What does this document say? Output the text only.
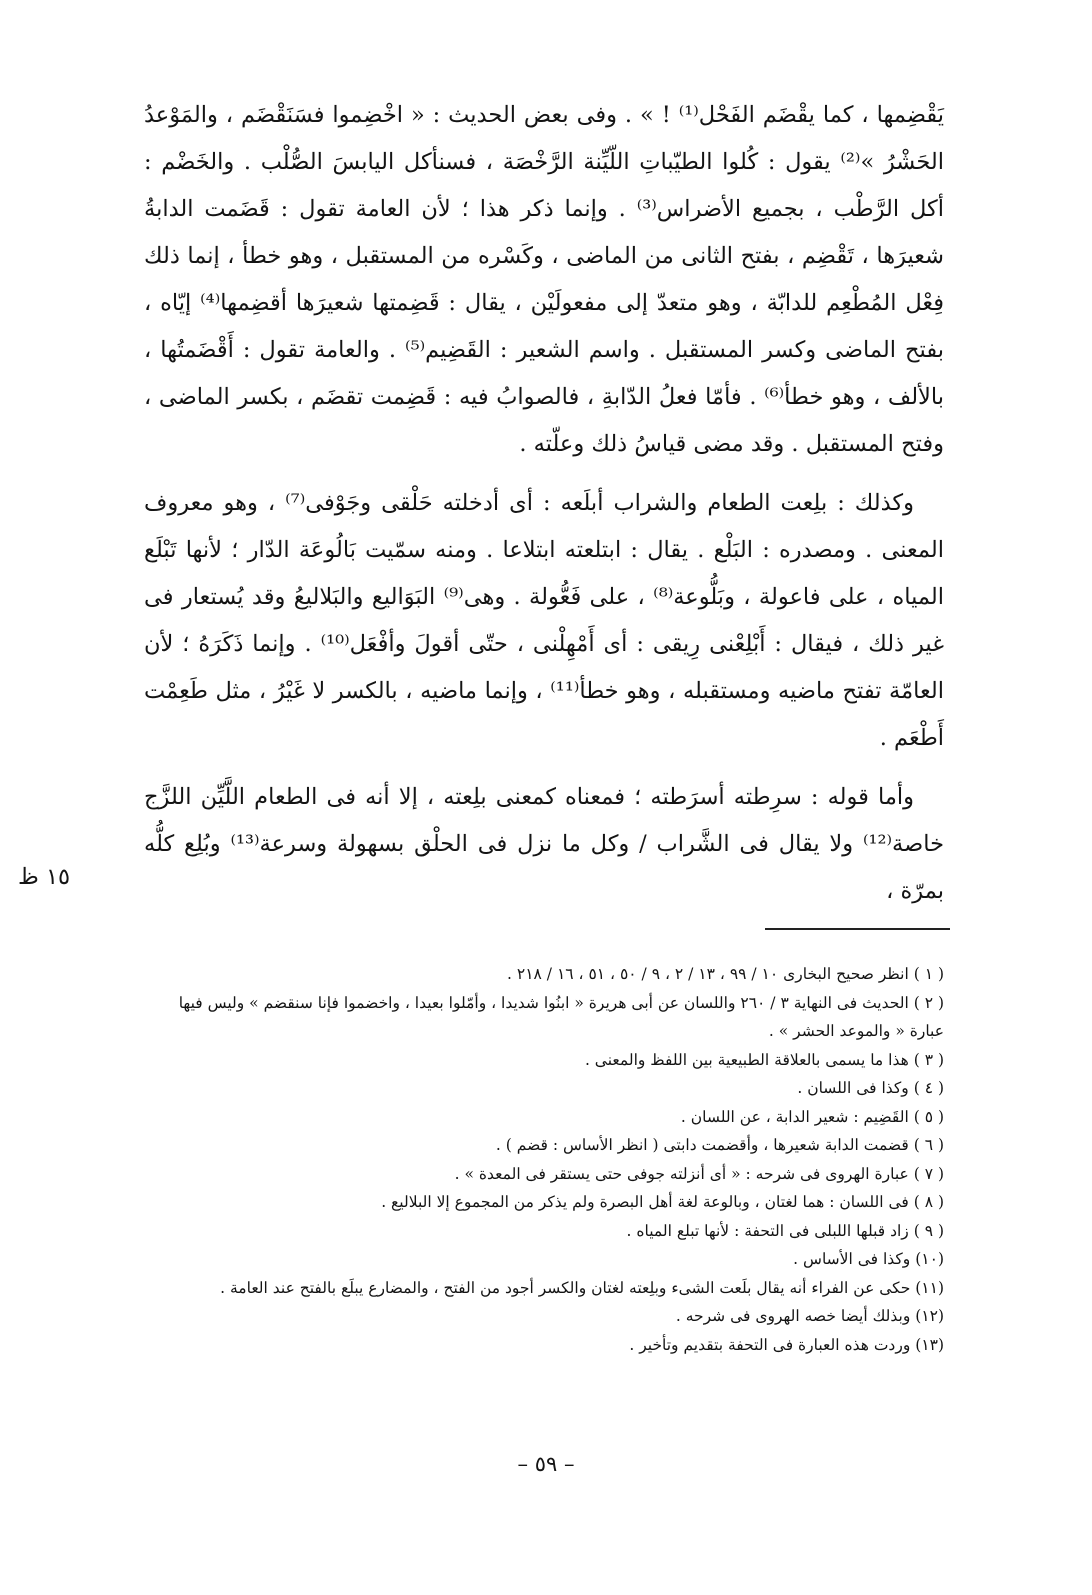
يَقْضِمها ، كما يقْضَم الفَحْل⁽¹⁾ ! » . وفى بعض الحديث : « اخْضِموا فسَنَقْضَم ، والمَوْعدُ الحَشْرُ »⁽²⁾ يقول : كُلوا الطيّباتِ اللّيِّنة الرَّخْصَة ، فسنأكل اليابسَ الصُّلْب . والخَضْم : أكل الرَّطْب ، بجميع الأضراس⁽³⁾ . وإنما ذكر هذا ؛ لأن العامة تقول : قَضَمت الدابةُ شعيرَها ، تَقْضِم ، بفتح الثانى من الماضى ، وكَسْره من المستقبل ، وهو خطأ ، إنما ذلك فِعْل المُطْعِم للدابّة ، وهو متعدّ إلى مفعولَيْن ، يقال : قَضِمتها شعيرَها أقضِمها⁽⁴⁾ إيّاه ، بفتح الماضى وكسر المستقبل . واسم الشعير : القَضِيم⁽⁵⁾ . والعامة تقول : أَقْضَمتُها ، بالألف ، وهو خطأ⁽⁶⁾ . فأمّا فعلُ الدّابةِ ، فالصوابُ فيه : قَضِمت تقضَم ، بكسر الماضى ، وفتح المستقبل . وقد مضى قياسُ ذلك وعلّته .

وكذلك : بلِعت الطعام والشراب أبلَعه : أى أدخلته حَلْقى وجَوْفى⁽⁷⁾ ، وهو معروف المعنى . ومصدره : البَلْع . يقال : ابتلعته ابتلاعا . ومنه سمّيت بَالُوعَة الدّار ؛ لأنها تَبْلَع المياه ، على فاعولة ، وبَلُّوعة⁽⁸⁾ ، على فَعُّولة . وهى⁽⁹⁾ البَوَاليع والبَلاليعُ وقد يُستعار فى غير ذلك ، فيقال : أَبْلِعْنى رِيقى : أى أَمْهِلْنى ، حتّى أقولَ وأفْعَل⁽¹⁰⁾ . وإنما ذَكَرَهُ ؛ لأن العامّة تفتح ماضيه ومستقبله ، وهو خطأ⁽¹¹⁾ ، وإنما ماضيه ، بالكسر لا غَيْرُ ، مثل طَعِمْت أَطْعَم .

وأما قوله : سرِطته أسرَطته ؛ فمعناه كمعنى بلِعته ، إلا أنه فى الطعام اللَّيِّن اللزَّج خاصة⁽¹²⁾ ولا يقال فى الشَّراب / وكل ما نزل فى الحلْق بسهولة وسرعة⁽¹³⁾ وبُلِع كلُّه بمرّة ،

١٥ ظ

( ١ ) انظر صحيح البخارى ١٠ / ٩٩ ، ١٣ / ٢ ، ٩ / ٥٠ ، ٥١ ، ١٦ / ٢١٨ .

( ٢ ) الحديث فى النهاية ٣ / ٢٦٠ واللسان عن أبى هريرة « ابنُوا شديدا ، وأمّلوا بعيدا ، واخضموا فإنا سنقضم » وليس فيها عبارة « والموعد الحشر » .

( ٣ ) هذا ما يسمى بالعلاقة الطبيعية بين اللفظ والمعنى .

( ٤ ) وكذا فى اللسان .

( ٥ ) القَضِيم : شعير الدابة ، عن اللسان .

( ٦ ) قضمت الدابة شعيرها ، وأقضمت دابتى ( انظر الأساس : قضم ) .

( ٧ ) عبارة الهروى فى شرحه : « أى أنزلته جوفى حتى يستقر فى المعدة » .

( ٨ ) فى اللسان : هما لغتان ، وبالوعة لغة أهل البصرة ولم يذكر من المجموع إلا البلاليع .

( ٩ ) زاد قبلها اللبلى فى التحفة : لأنها تبلع المياه .

(١٠) وكذا فى الأساس .

(١١) حكى عن الفراء أنه يقال بلَعت الشىء وبلِعته لغتان والكسر أجود من الفتح ، والمضارع يبلَع بالفتح عند العامة .

(١٢) وبذلك أيضا خصه الهروى فى شرحه .

(١٣) وردت هذه العبارة فى التحفة بتقديم وتأخير .

– ٥٩ –
